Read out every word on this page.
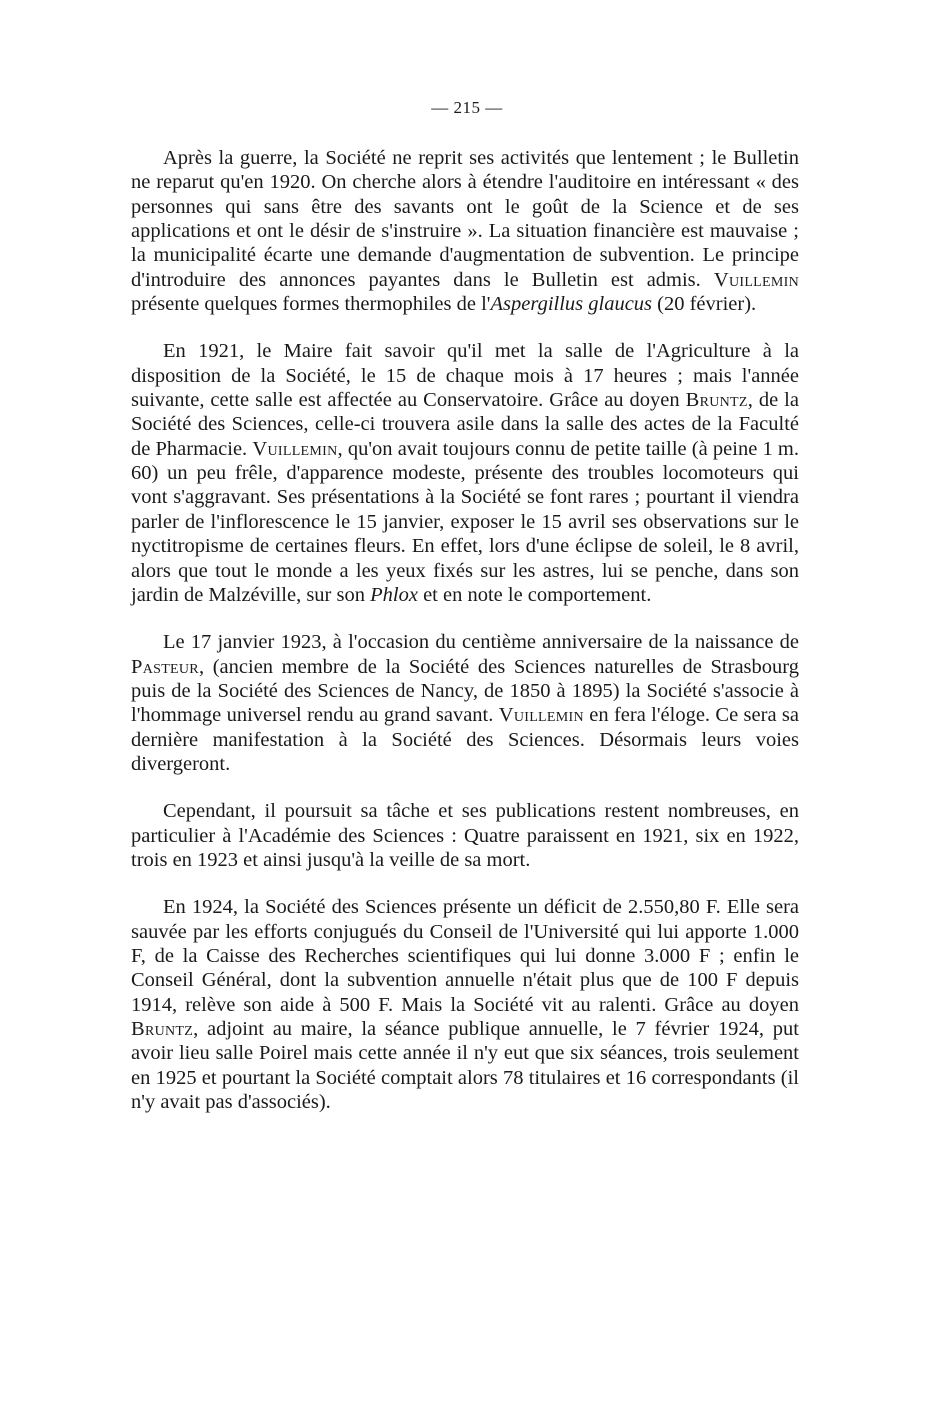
— 215 —

Après la guerre, la Société ne reprit ses activités que lentement ; le Bulletin ne reparut qu'en 1920. On cherche alors à étendre l'auditoire en intéressant « des personnes qui sans être des savants ont le goût de la Science et de ses applications et ont le désir de s'instruire ». La situation financière est mauvaise ; la municipalité écarte une demande d'augmentation de subvention. Le principe d'introduire des annonces payantes dans le Bulletin est admis. Vuillemin présente quelques formes thermophiles de l'Aspergillus glaucus (20 février).

En 1921, le Maire fait savoir qu'il met la salle de l'Agriculture à la disposition de la Société, le 15 de chaque mois à 17 heures ; mais l'année suivante, cette salle est affectée au Conservatoire. Grâce au doyen Bruntz, de la Société des Sciences, celle-ci trouvera asile dans la salle des actes de la Faculté de Pharmacie. Vuillemin, qu'on avait toujours connu de petite taille (à peine 1 m. 60) un peu frêle, d'apparence modeste, présente des troubles locomoteurs qui vont s'aggravant. Ses présentations à la Société se font rares ; pourtant il viendra parler de l'inflorescence le 15 janvier, exposer le 15 avril ses observations sur le nyctitropisme de certaines fleurs. En effet, lors d'une éclipse de soleil, le 8 avril, alors que tout le monde a les yeux fixés sur les astres, lui se penche, dans son jardin de Malzéville, sur son Phlox et en note le comportement.

Le 17 janvier 1923, à l'occasion du centième anniversaire de la naissance de Pasteur, (ancien membre de la Société des Sciences naturelles de Strasbourg puis de la Société des Sciences de Nancy, de 1850 à 1895) la Société s'associe à l'hommage universel rendu au grand savant. Vuillemin en fera l'éloge. Ce sera sa dernière manifestation à la Société des Sciences. Désormais leurs voies divergeront.

Cependant, il poursuit sa tâche et ses publications restent nombreuses, en particulier à l'Académie des Sciences : Quatre paraissent en 1921, six en 1922, trois en 1923 et ainsi jusqu'à la veille de sa mort.

En 1924, la Société des Sciences présente un déficit de 2.550,80 F. Elle sera sauvée par les efforts conjugués du Conseil de l'Université qui lui apporte 1.000 F, de la Caisse des Recherches scientifiques qui lui donne 3.000 F ; enfin le Conseil Général, dont la subvention annuelle n'était plus que de 100 F depuis 1914, relève son aide à 500 F. Mais la Société vit au ralenti. Grâce au doyen Bruntz, adjoint au maire, la séance publique annuelle, le 7 février 1924, put avoir lieu salle Poirel mais cette année il n'y eut que six séances, trois seulement en 1925 et pourtant la Société comptait alors 78 titulaires et 16 correspondants (il n'y avait pas d'associés).
